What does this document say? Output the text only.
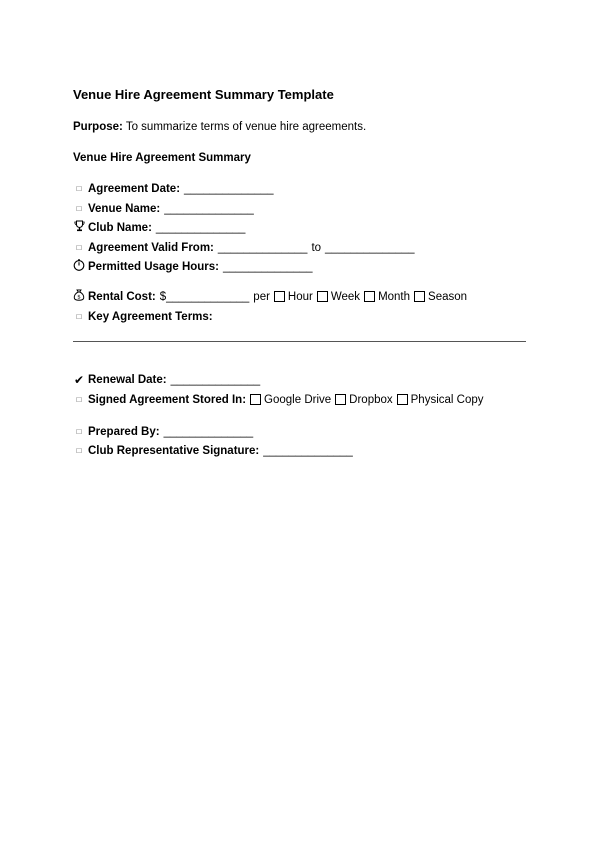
Venue Hire Agreement Summary Template
Purpose: To summarize terms of venue hire agreements.
Venue Hire Agreement Summary
□ Agreement Date: ______________
□ Venue Name: ______________
Club Name: ______________
□ Agreement Valid From: ______________ to ______________
Permitted Usage Hours: ______________
$ Rental Cost: $ _____________ per Hour Week Month Season
□ Key Agreement Terms:
✔ Renewal Date: ______________
□ Signed Agreement Stored In: Google Drive Dropbox Physical Copy
□ Prepared By: ______________
□ Club Representative Signature: ______________
